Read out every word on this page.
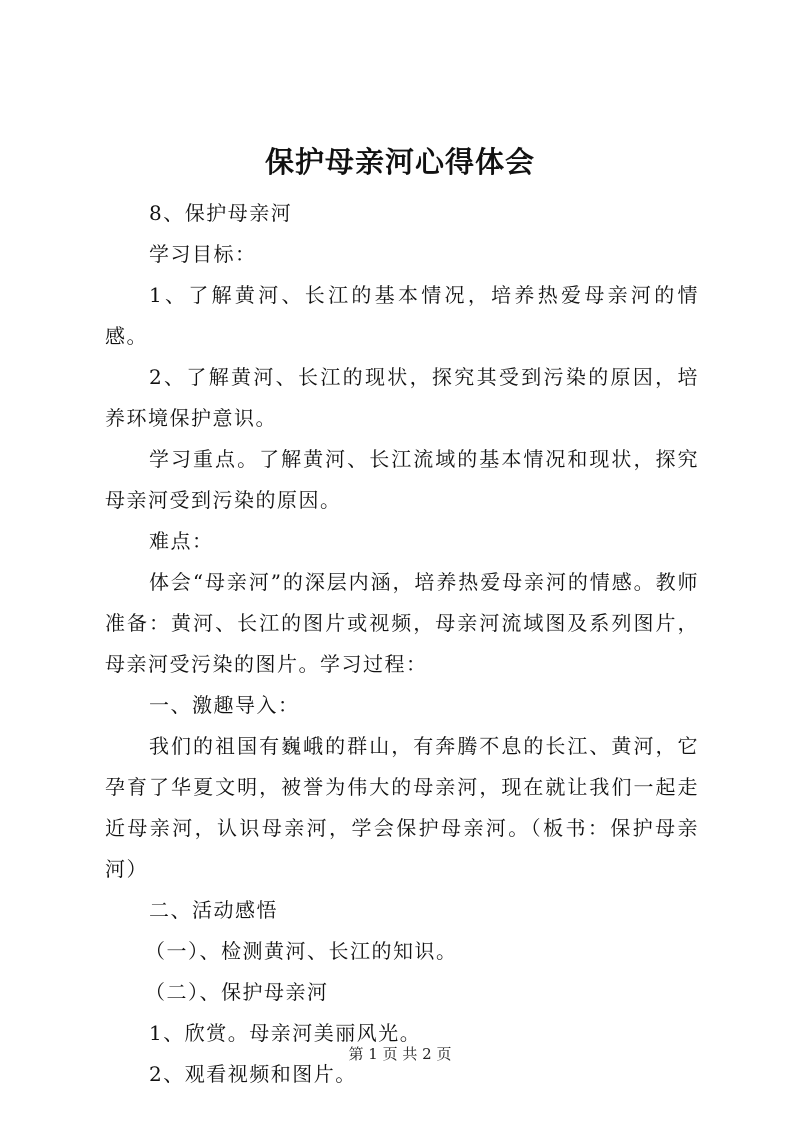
保护母亲河心得体会

8、保护母亲河

学习目标：

1、了解黄河、长江的基本情况，培养热爱母亲河的情感。

2、了解黄河、长江的现状，探究其受到污染的原因，培养环境保护意识。

学习重点。了解黄河、长江流域的基本情况和现状，探究母亲河受到污染的原因。

难点：

体会“母亲河”的深层内涵，培养热爱母亲河的情感。教师准备：黄河、长江的图片或视频，母亲河流域图及系列图片，母亲河受污染的图片。学习过程：

一、激趣导入：

我们的祖国有巍峨的群山，有奔腾不息的长江、黄河，它孕育了华夏文明，被誉为伟大的母亲河，现在就让我们一起走近母亲河，认识母亲河，学会保护母亲河。（板书：保护母亲河）

二、活动感悟

（一）、检测黄河、长江的知识。

（二）、保护母亲河

1、欣赏。母亲河美丽风光。

2、观看视频和图片。

第 1 页 共 2 页
